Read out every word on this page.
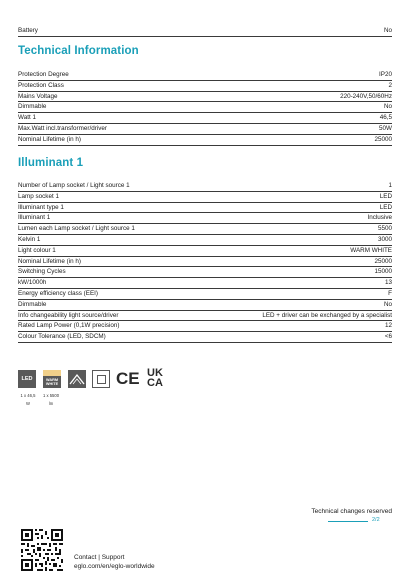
Battery	No
Technical Information
Protection Degree	IP20
Protection Class	2
Mains Voltage	220-240V,50/60Hz
Dimmable	No
Watt 1	46,5
Max.Watt incl.transformer/driver	50W
Nominal Lifetime (in h)	25000
Illuminant 1
Number of Lamp socket / Light source 1	1
Lamp socket 1	LED
Illuminant type 1	LED
Illuminant 1	Inclusive
Lumen each Lamp socket / Light source 1	5500
Kelvin 1	3000
Light colour 1	WARM WHITE
Nominal Lifetime (in h)	25000
Switching Cycles	15000
kW/1000h	13
Energy efficiency class (EEI)	F
Dimmable	No
Info changeability light source/driver	LED + driver can be exchanged by a specialist
Rated Lamp Power (0,1W precision)	12
Colour Tolerance (LED, SDCM)	<6
LED	WARM WHITE	CE UK
CA
1 x 46,5
W
1 x 5500
lm
Technical changes reserved
2/2
Contact | Support
eglo.com/en/eglo-worldwide
